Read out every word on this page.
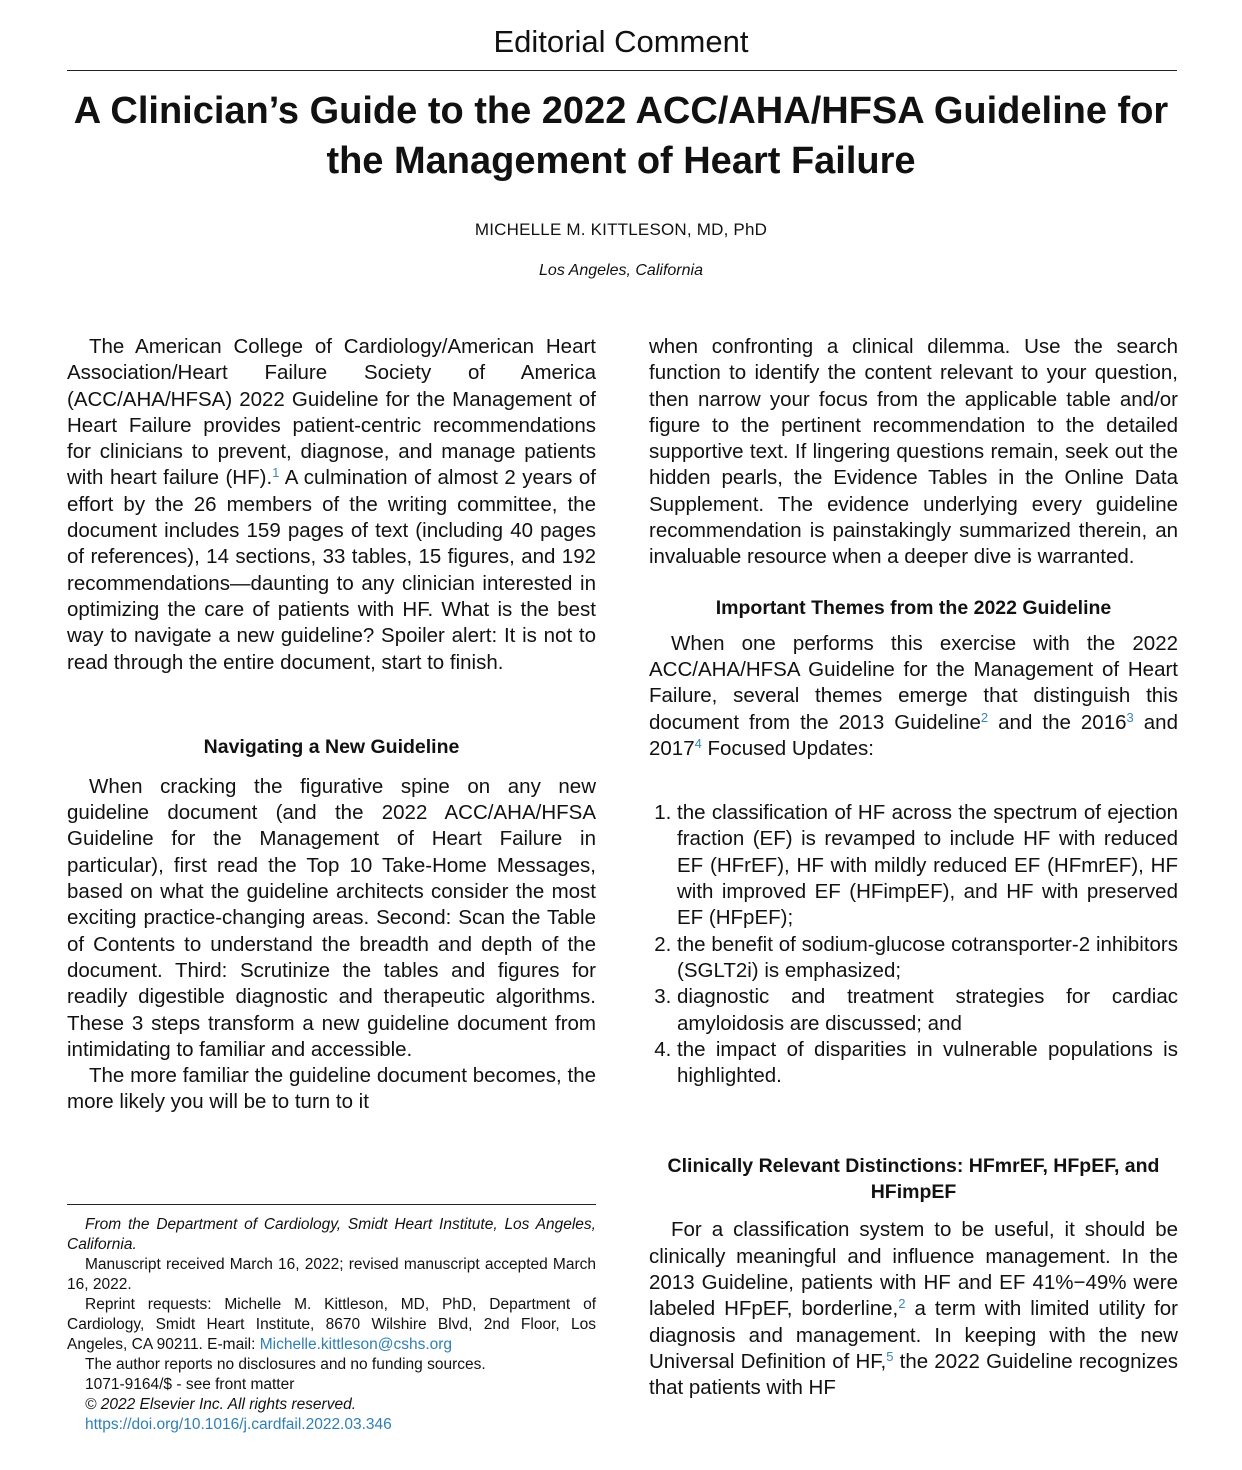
Editorial Comment
A Clinician’s Guide to the 2022 ACC/AHA/HFSA Guideline for the Management of Heart Failure
MICHELLE M. KITTLESON, MD, PhD
Los Angeles, California

The American College of Cardiology/American Heart Association/Heart Failure Society of America (ACC/AHA/HFSA) 2022 Guideline for the Management of Heart Failure provides patient-centric recommendations for clinicians to prevent, diagnose, and manage patients with heart failure (HF).$^1$ A culmination of almost 2 years of effort by the 26 members of the writing committee, the document includes 159 pages of text (including 40 pages of references), 14 sections, 33 tables, 15 figures, and 192 recommendations—daunting to any clinician interested in optimizing the care of patients with HF. What is the best way to navigate a new guideline? Spoiler alert: It is not to read through the entire document, start to finish.

Navigating a New Guideline

When cracking the figurative spine on any new guideline document (and the 2022 ACC/AHA/HFSA Guideline for the Management of Heart Failure in particular), first read the Top 10 Take-Home Messages, based on what the guideline architects consider the most exciting practice-changing areas. Second: Scan the Table of Contents to understand the breadth and depth of the document. Third: Scrutinize the tables and figures for readily digestible diagnostic and therapeutic algorithms. These 3 steps transform a new guideline document from intimidating to familiar and accessible.

The more familiar the guideline document becomes, the more likely you will be to turn to it

when confronting a clinical dilemma. Use the search function to identify the content relevant to your question, then narrow your focus from the applicable table and/or figure to the pertinent recommendation to the detailed supportive text. If lingering questions remain, seek out the hidden pearls, the Evidence Tables in the Online Data Supplement. The evidence underlying every guideline recommendation is painstakingly summarized therein, an invaluable resource when a deeper dive is warranted.

Important Themes from the 2022 Guideline

When one performs this exercise with the 2022 ACC/AHA/HFSA Guideline for the Management of Heart Failure, several themes emerge that distinguish this document from the 2013 Guideline$^2$ and the 2016$^3$ and 2017$^4$ Focused Updates:

1. the classification of HF across the spectrum of ejection fraction (EF) is revamped to include HF with reduced EF (HFrEF), HF with mildly reduced EF (HFmrEF), HF with improved EF (HFimpEF), and HF with preserved EF (HFpEF);
2. the benefit of sodium-glucose cotransporter-2 inhibitors (SGLT2i) is emphasized;
3. diagnostic and treatment strategies for cardiac amyloidosis are discussed; and
4. the impact of disparities in vulnerable populations is highlighted.
Clinically Relevant Distinctions: HFmrEF, HFpEF, and HFimpEF

For a classification system to be useful, it should be clinically meaningful and influence management. In the 2013 Guideline, patients with HF and EF 41%−49% were labeled HFpEF, borderline,$^2$ a term with limited utility for diagnosis and management. In keeping with the new Universal Definition of HF,$^5$ the 2022 Guideline recognizes that patients with HF

From the Department of Cardiology, Smidt Heart Institute, Los Angeles, California.

Manuscript received March 16, 2022; revised manuscript accepted March 16, 2022.

Reprint requests: Michelle M. Kittleson, MD, PhD, Department of Cardiology, Smidt Heart Institute, 8670 Wilshire Blvd, 2nd Floor, Los Angeles, CA 90211. E-mail: Michelle.kittleson@cshs.org

The author reports no disclosures and no funding sources.

1071-9164/$ - see front matter

© 2022 Elsevier Inc. All rights reserved.

https://doi.org/10.1016/j.cardfail.2022.03.346
